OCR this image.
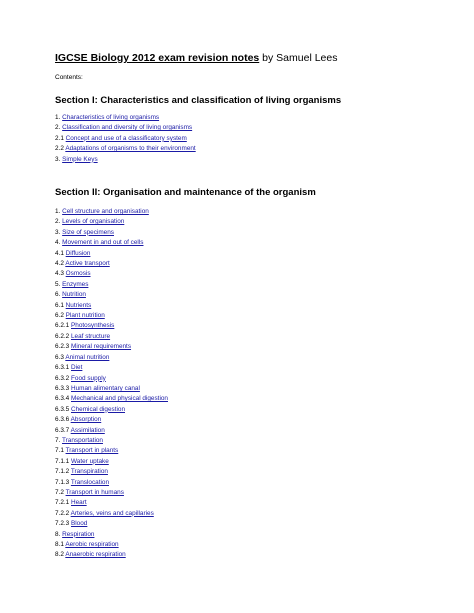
IGCSE Biology 2012 exam revision notes by Samuel Lees
Contents:
Section I: Characteristics and classification of living organisms
1. Characteristics of living organisms
2. Classification and diversity of living organisms
2.1 Concept and use of a classificatory system
2.2 Adaptations of organisms to their environment
3. Simple Keys
Section II: Organisation and maintenance of the organism
1. Cell structure and organisation
2. Levels of organisation
3. Size of specimens
4. Movement in and out of cells
4.1 Diffusion
4.2 Active transport
4.3 Osmosis
5. Enzymes
6. Nutrition
6.1 Nutrients
6.2 Plant nutrition
6.2.1 Photosynthesis
6.2.2 Leaf structure
6.2.3 Mineral requirements
6.3 Animal nutrition
6.3.1 Diet
6.3.2 Food supply
6.3.3 Human alimentary canal
6.3.4 Mechanical and physical digestion
6.3.5 Chemical digestion
6.3.6 Absorption
6.3.7 Assimilation
7. Transportation
7.1 Transport in plants
7.1.1 Water uptake
7.1.2 Transpiration
7.1.3 Translocation
7.2 Transport in humans
7.2.1 Heart
7.2.2 Arteries, veins and capillaries
7.2.3 Blood
8. Respiration
8.1 Aerobic respiration
8.2 Anaerobic respiration
